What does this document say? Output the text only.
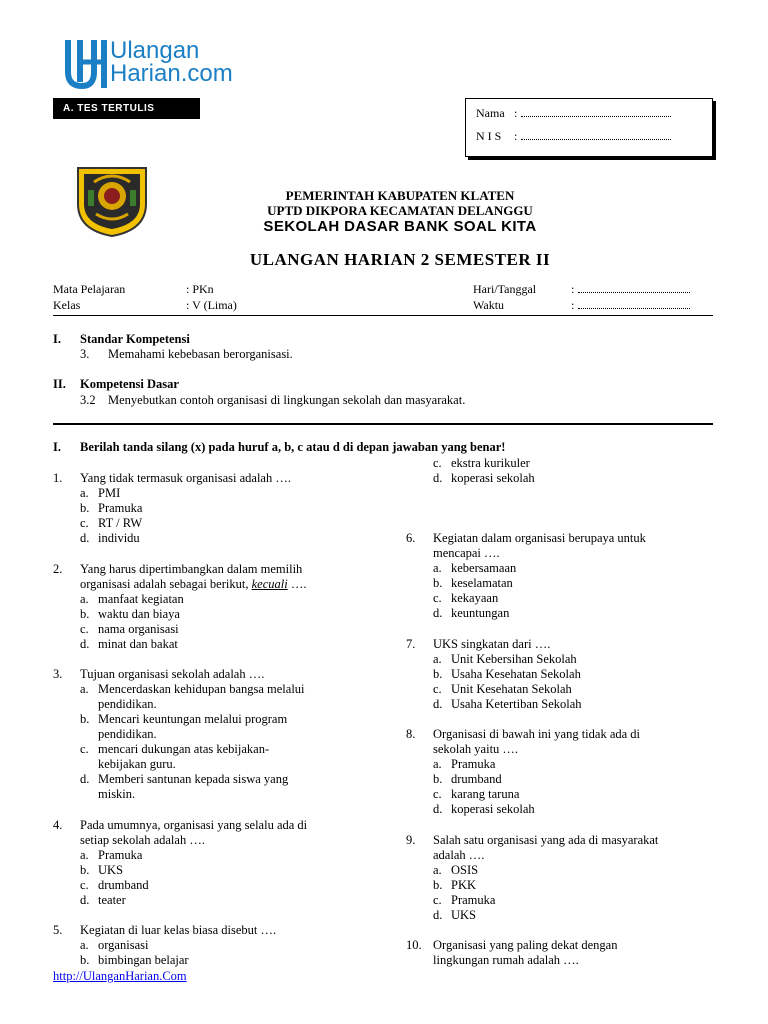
Ulangan
Harian.com
A. TES TERTULIS	Nama :
N I S :
PEMERINTAH KABUPATEN KLATEN
UPTD DIKPORA KECAMATAN DELANGGU
SEKOLAH DASAR BANK SOAL KITA
ULANGAN HARIAN 2 SEMESTER II
Mata Pelajaran	: PKn
Kelas	: V (Lima)
Hari/Tanggal	:
Waktu	:
I. Standar Kompetensi
3. Memahami kebebasan berorganisasi.
II. Kompetensi Dasar
3.2 Menyebutkan contoh organisasi di lingkungan sekolah dan masyarakat.
I. Berilah tanda silang (x) pada huruf a, b, c atau d di depan jawaban yang benar!
1. Yang tidak termasuk organisasi adalah ….
a. PMI
b. Pramuka
c. RT / RW
d. individu
2. Yang harus dipertimbangkan dalam memilih
organisasi adalah sebagai berikut, kecuali ….
a. manfaat kegiatan
b. waktu dan biaya
c. nama organisasi
d. minat dan bakat
3. Tujuan organisasi sekolah adalah ….
a. Mencerdaskan kehidupan bangsa melalui
pendidikan.
b. Mencari keuntungan melalui program
pendidikan.
c. mencari dukungan atas kebijakan-
kebijakan guru.
d. Memberi santunan kepada siswa yang
miskin.
4. Pada umumnya, organisasi yang selalu ada di
setiap sekolah adalah ….
a. Pramuka
b. UKS
c. drumband
d. teater
5. Kegiatan di luar kelas biasa disebut ….
a. organisasi
b. bimbingan belajar
http://UlanganHarian.Com
c. ekstra kurikuler
d. koperasi sekolah
6. Kegiatan dalam organisasi berupaya untuk
mencapai ….
a. kebersamaan
b. keselamatan
c. kekayaan
d. keuntungan
7. UKS singkatan dari ….
a. Unit Kebersihan Sekolah
b. Usaha Kesehatan Sekolah
c. Unit Kesehatan Sekolah
d. Usaha Ketertiban Sekolah
8. Organisasi di bawah ini yang tidak ada di
sekolah yaitu ….
a. Pramuka
b. drumband
c. karang taruna
d. koperasi sekolah
9. Salah satu organisasi yang ada di masyarakat
adalah ….
a. OSIS
b. PKK
c. Pramuka
d. UKS
10. Organisasi yang paling dekat dengan
lingkungan rumah adalah ….
